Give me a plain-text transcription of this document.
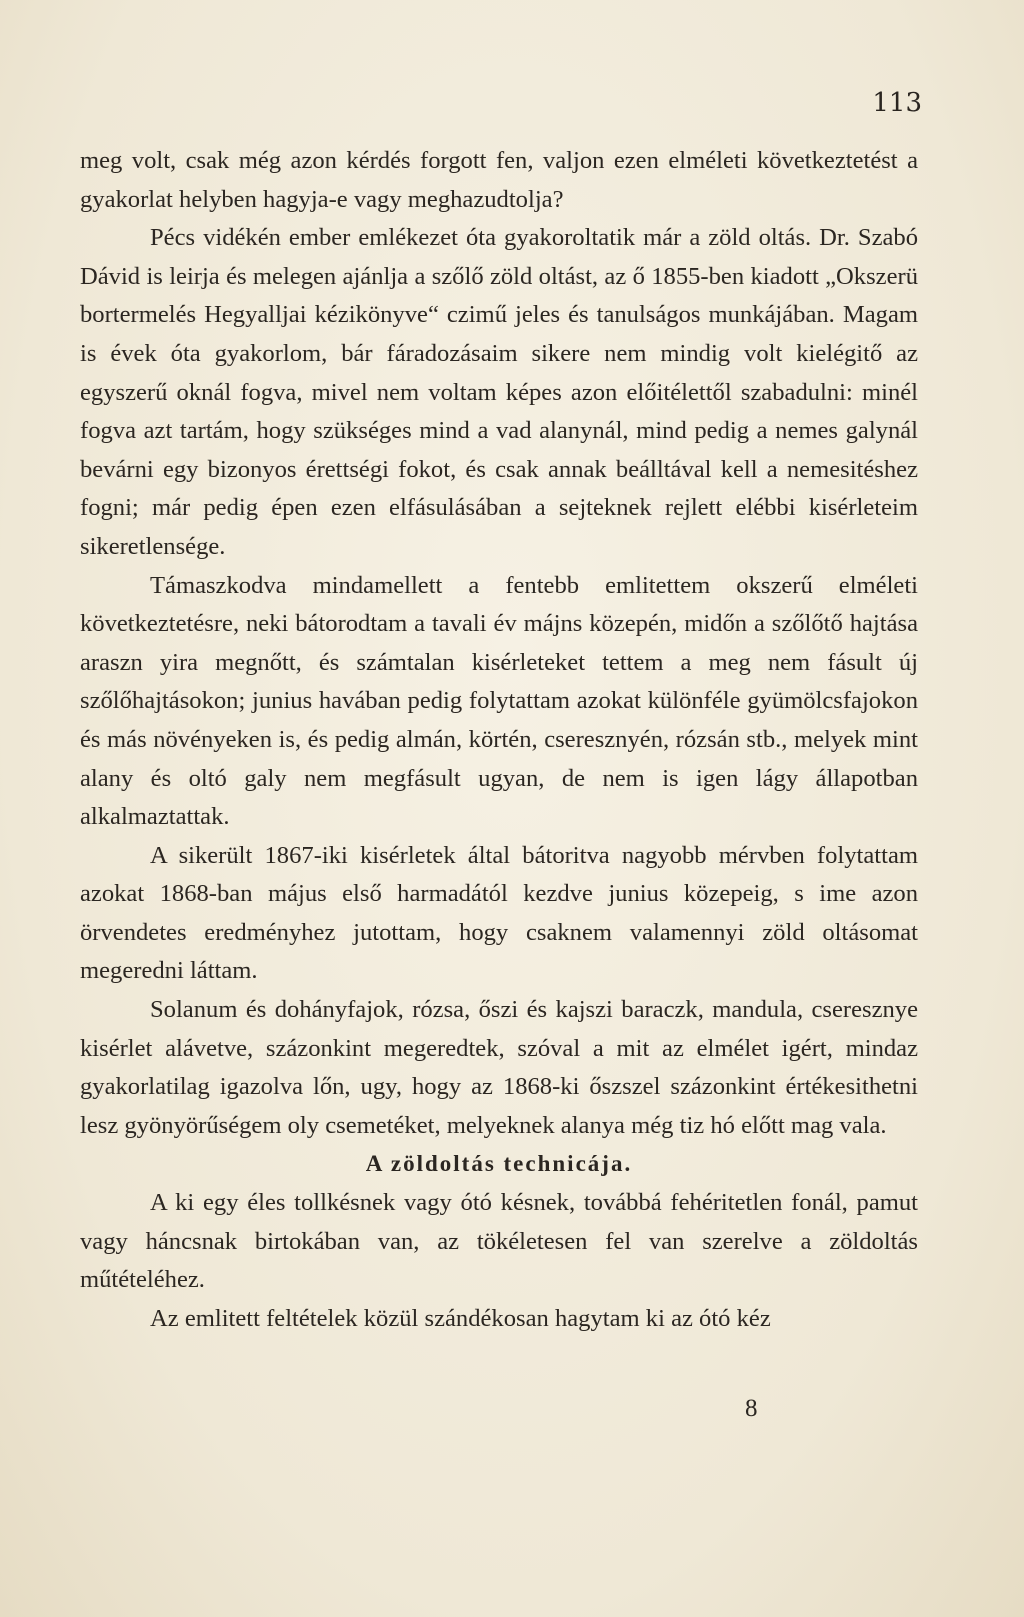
113

meg volt, csak még azon kérdés forgott fen, valjon ezen elméleti következtetést a gyakorlat helyben hagyja-e vagy meghazudtolja?

Pécs vidékén ember emlékezet óta gyakoroltatik már a zöld oltás. Dr. Szabó Dávid is leirja és melegen ajánlja a szőlő zöld oltást, az ő 1855-ben kiadott „Okszerü bortermelés Hegyalljai kézikönyve“ czimű jeles és tanulságos munkájában. Magam is évek óta gyakorlom, bár fáradozásaim sikere nem mindig volt kielégitő az egyszerű oknál fogva, mivel nem voltam képes azon előitélettől szabadulni: minél fogva azt tartám, hogy szükséges mind a vad alanynál, mind pedig a nemes galynál bevárni egy bizonyos érettségi fokot, és csak annak beálltával kell a nemesitéshez fogni; már pedig épen ezen elfásulásában a sejteknek rejlett elébbi kisérleteim sikeretlensége.

Támaszkodva mindamellett a fentebb emlitettem okszerű elméleti következtetésre, neki bátorodtam a tavali év májns közepén, midőn a szőlőtő hajtása araszn yira megnőtt, és számtalan kisérleteket tettem a meg nem fásult új szőlőhajtásokon; junius havában pedig folytattam azokat különféle gyümölcsfajokon és más növényeken is, és pedig almán, körtén, cseresznyén, rózsán stb., melyek mint alany és oltó galy nem megfásult ugyan, de nem is igen lágy állapotban alkalmaztattak.

A sikerült 1867-iki kisérletek által bátoritva nagyobb mérvben folytattam azokat 1868-ban május első harmadától kezdve junius közepeig, s ime azon örvendetes eredményhez jutottam, hogy csaknem valamennyi zöld oltásomat megeredni láttam.

Solanum és dohányfajok, rózsa, őszi és kajszi baraczk, mandula, cseresznye kisérlet alávetve, százonkint megeredtek, szóval a mit az elmélet igért, mindaz gyakorlatilag igazolva lőn, ugy, hogy az 1868-ki őszszel százonkint értékesithetni lesz gyönyörűségem oly csemetéket, melyeknek alanya még tiz hó előtt mag vala.

A zöldoltás technicája.

A ki egy éles tollkésnek vagy ótó késnek, továbbá fehéritetlen fonál, pamut vagy háncsnak birtokában van, az tökéletesen fel van szerelve a zöldoltás műtételéhez.

Az emlitett feltételek közül szándékosan hagytam ki az ótó kéz

8
